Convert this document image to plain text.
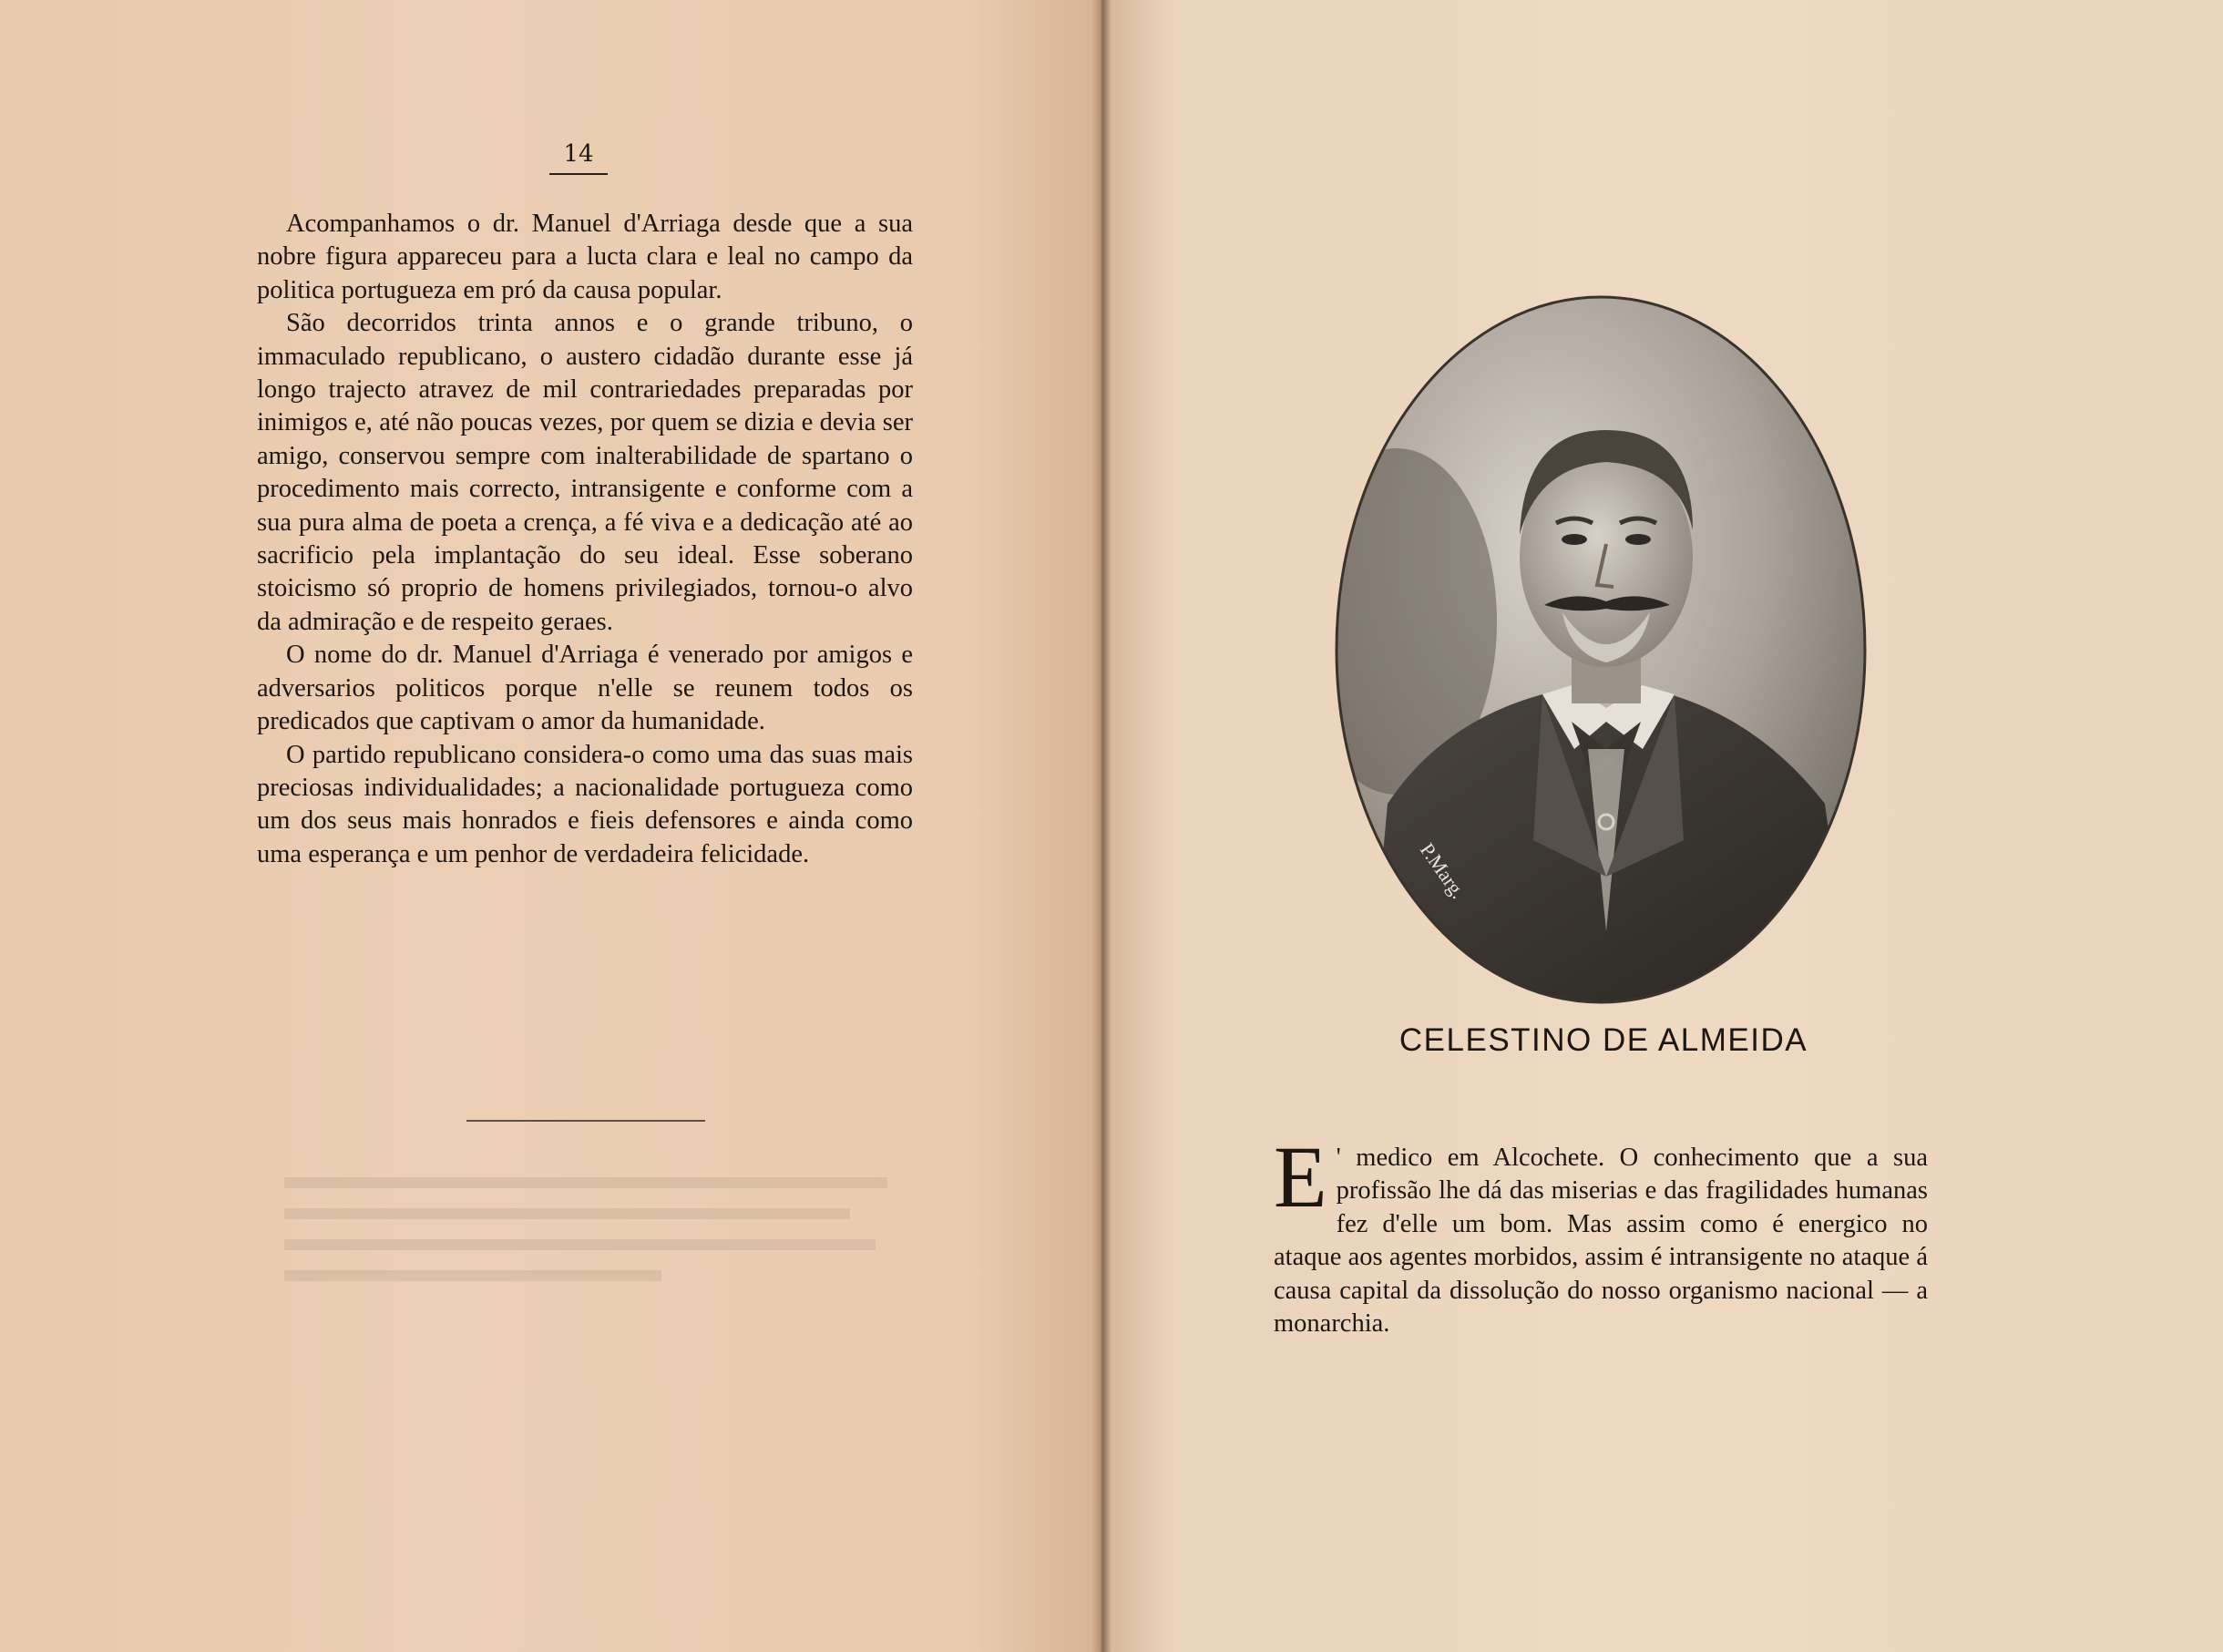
14

Acompanhamos o dr. Manuel d'Arriaga desde que a sua nobre figura appareceu para a lucta clara e leal no campo da politica portugueza em pró da causa popular.

São decorridos trinta annos e o grande tribuno, o immaculado republicano, o austero cidadão durante esse já longo trajecto atravez de mil contrariedades preparadas por inimigos e, até não poucas vezes, por quem se dizia e devia ser amigo, conservou sempre com inalterabilidade de spartano o procedimento mais correcto, intransigente e conforme com a sua pura alma de poeta a crença, a fé viva e a dedicação até ao sacrificio pela implantação do seu ideal. Esse soberano stoicismo só proprio de homens privilegiados, tornou-o alvo da admiração e de respeito geraes.

O nome do dr. Manuel d'Arriaga é venerado por amigos e adversarios politicos porque n'elle se reunem todos os predicados que captivam o amor da humanidade.

O partido republicano considera-o como uma das suas mais preciosas individualidades; a nacionalidade portugueza como um dos seus mais honrados e fieis defensores e ainda como uma esperança e um penhor de verdadeira felicidade.	P.Marg.
CELESTINO DE ALMEIDA
E ' medico em Alcochete. O conhecimento que a sua profissão lhe dá das miserias e das fragilidades humanas fez d'elle um bom. Mas assim como é energico no ataque aos agentes morbidos, assim é intransigente no ataque á causa capital da dissolução do nosso organismo nacional — a monarchia.
